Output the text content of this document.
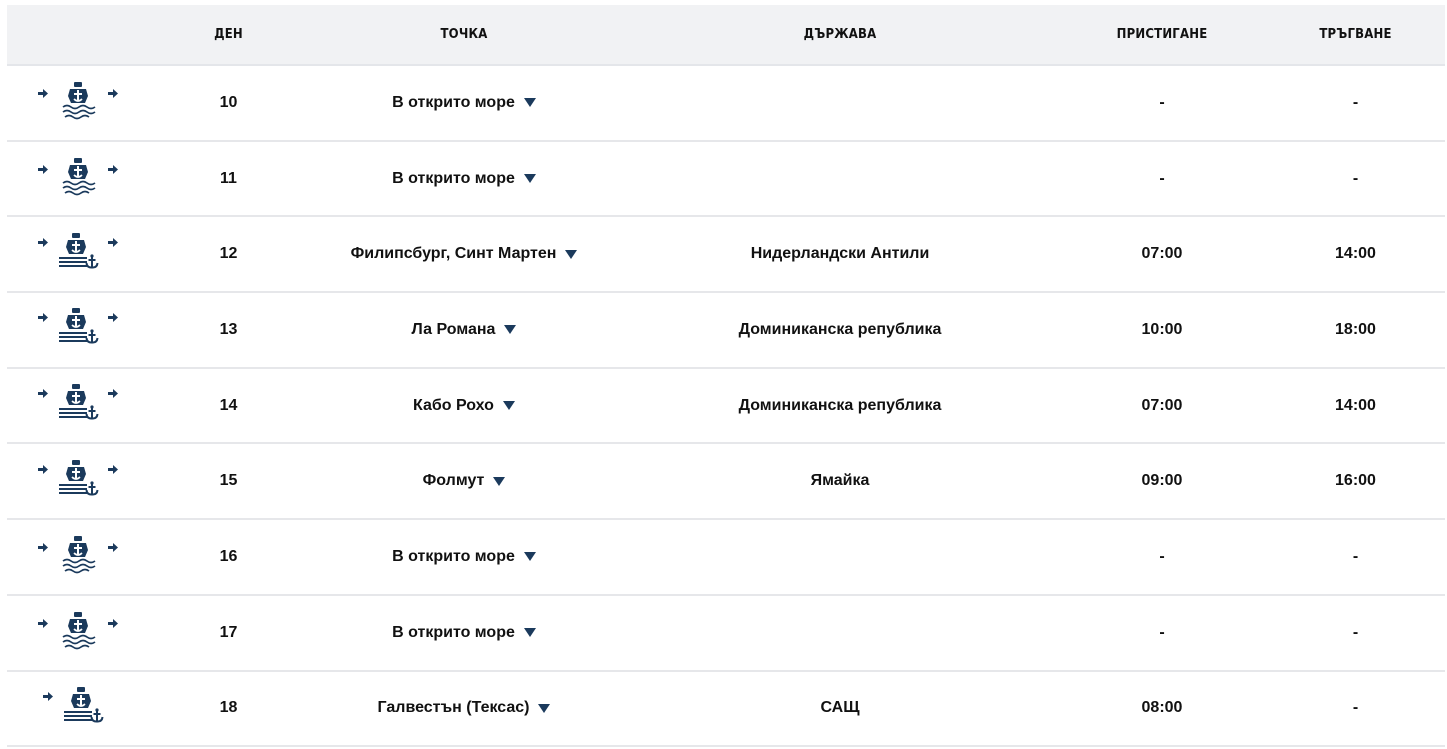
	ДЕН	ТОЧКА	ДЪРЖАВА	ПРИСТИГАНЕ	ТРЪГВАНЕ
	10	В открито море		-	-
	11	В открито море		-	-
	12	Филипсбург, Синт Мартен	Нидерландски Антили	07:00	14:00
	13	Ла Романа	Доминиканска република	10:00	18:00
	14	Кабо Рохо	Доминиканска република	07:00	14:00
	15	Фолмут	Ямайка	09:00	16:00
	16	В открито море		-	-
	17	В открито море		-	-
	18	Галвестън (Тексас)	САЩ	08:00	-
